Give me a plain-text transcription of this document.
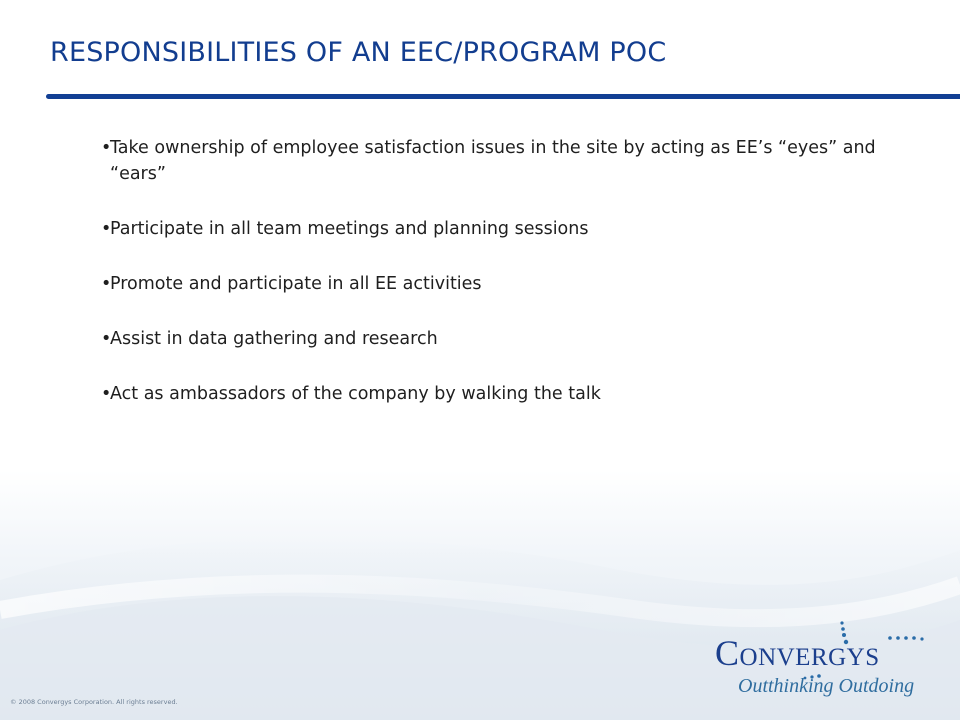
RESPONSIBILITIES OF AN EEC/PROGRAM POC
•
Take ownership of employee satisfaction issues in the site by acting as EE’s “eyes” and “ears”
•
Participate in all team meetings and planning sessions
•
Promote and participate in all EE activities
•
Assist in data gathering and research
•
Act as ambassadors of the company by walking the talk
© 2008 Convergys Corporation. All rights reserved.
Convergys
Outthinking Outdoing
